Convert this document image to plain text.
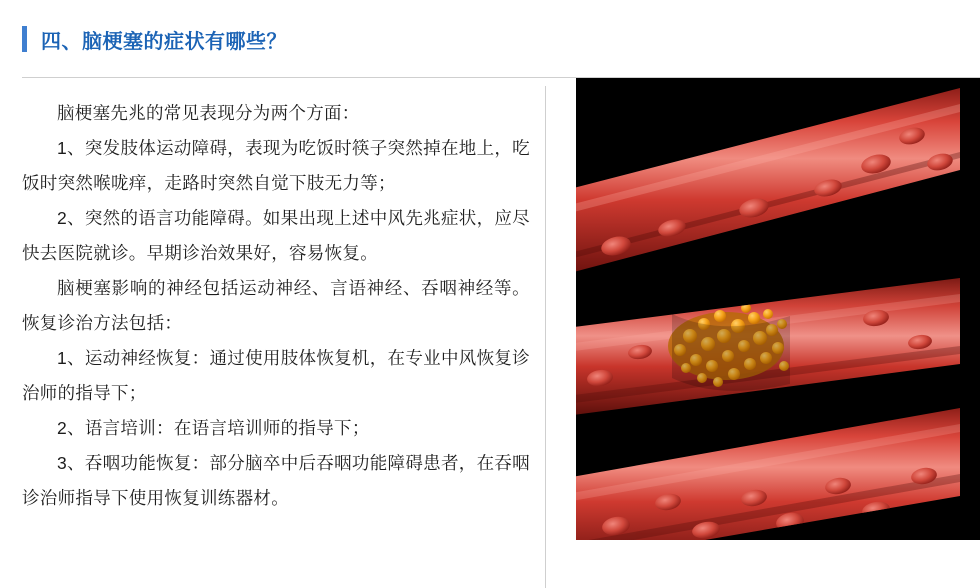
四、脑梗塞的症状有哪些？

脑梗塞先兆的常见表现分为两个方面：

1、突发肢体运动障碍，表现为吃饭时筷子突然掉在地上，吃饭时突然喉咙痒，走路时突然自觉下肢无力等；

2、突然的语言功能障碍。如果出现上述中风先兆症状，应尽快去医院就诊。早期诊治效果好，容易恢复。

脑梗塞影响的神经包括运动神经、言语神经、吞咽神经等。恢复诊治方法包括：

1、运动神经恢复：通过使用肢体恢复机，在专业中风恢复诊治师的指导下；

2、语言培训：在语言培训师的指导下；

3、吞咽功能恢复：部分脑卒中后吞咽功能障碍患者，在吞咽诊治师指导下使用恢复训练器材。
